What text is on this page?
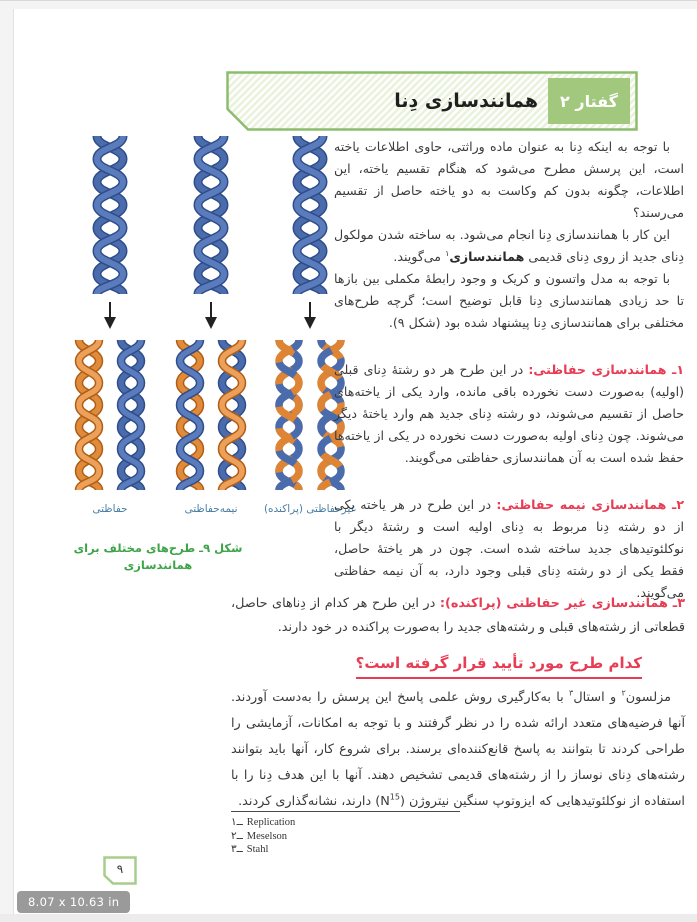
همانندسازی دِنا	گفتار ۲
حفاظتی	نیمه‌حفاظتی	غیرحفاظتی (پراکنده)
شکل ۹ـ طرح‌های مختلف برای
همانندسازی

با توجه به اینکه دِنا به عنوان ماده وراثتی، حاوی اطلاعات یاخته است، این پرسش مطرح می‌شود که هنگام تقسیم یاخته، این اطلاعات، چگونه بدون کم وکاست به دو یاخته حاصل از تقسیم می‌رسند؟

این کار با همانندسازی دِنا انجام می‌شود. به ساخته شدن مولکول دِنای جدید از روی دِنای قدیمی همانندسازی$^۱$ می‌گویند.

با توجه به مدل واتسون و کریک و وجود رابطهٔ مکملی بین بازها تا حد زیادی همانندسازی دِنا قابل توضیح است؛ گرچه طرح‌های مختلفی برای همانندسازی دِنا پیشنهاد شده بود (شکل ۹).

۱ـ همانندسازی حفاظتی: در این طرح هر دو رشتهٔ دِنای قبلی (اولیه) به‌صورت دست نخورده باقی مانده، وارد یکی از یاخته‌های حاصل از تقسیم می‌شوند، دو رشته دِنای جدید هم وارد یاختهٔ دیگر می‌شوند. چون دِنای اولیه به‌صورت دست نخورده در یکی از یاخته‌ها حفظ شده است به آن همانندسازی حفاظتی می‌گویند.

۲ـ همانندسازی نیمه حفاظتی: در این طرح در هر یاخته یکی از دو رشته دِنا مربوط به دِنای اولیه است و رشتهٔ دیگر با نوکلئوتیدهای جدید ساخته شده است. چون در هر یاختهٔ حاصل، فقط یکی از دو رشته دِنای قبلی وجود دارد، به آن نیمه حفاظتی می‌گویند.

۳ـ همانندسازی غیر حفاظتی (پراکنده): در این طرح هر کدام از دِناهای حاصل، قطعاتی از رشته‌های قبلی و رشته‌های جدید را به‌صورت پراکنده در خود دارند.
کدام طرح مورد تأیید قرار گرفته است؟
مزلسون$^۲$ و استال$^۳$ با به‌کارگیری روش علمی پاسخ این پرسش را به‌دست آوردند. آنها فرضیه‌های متعدد ارائه شده را در نظر گرفتند و با توجه به امکانات، آزمایشی را طراحی کردند تا بتوانند به پاسخ قانع‌کننده‌ای برسند. برای شروع کار، آنها باید بتوانند رشته‌های دِنای نوساز را از رشته‌های قدیمی تشخیص دهند. آنها با این هدف دِنا را با استفاده از نوکلئوتیدهایی که ایزوتوپ سنگین نیتروژن $(N^{15})$ دارند، نشانه‌گذاری کردند.
۱ــ Replication
۲ــ Meselson
۳ــ Stahl
۹
8.07 x 10.63 in
